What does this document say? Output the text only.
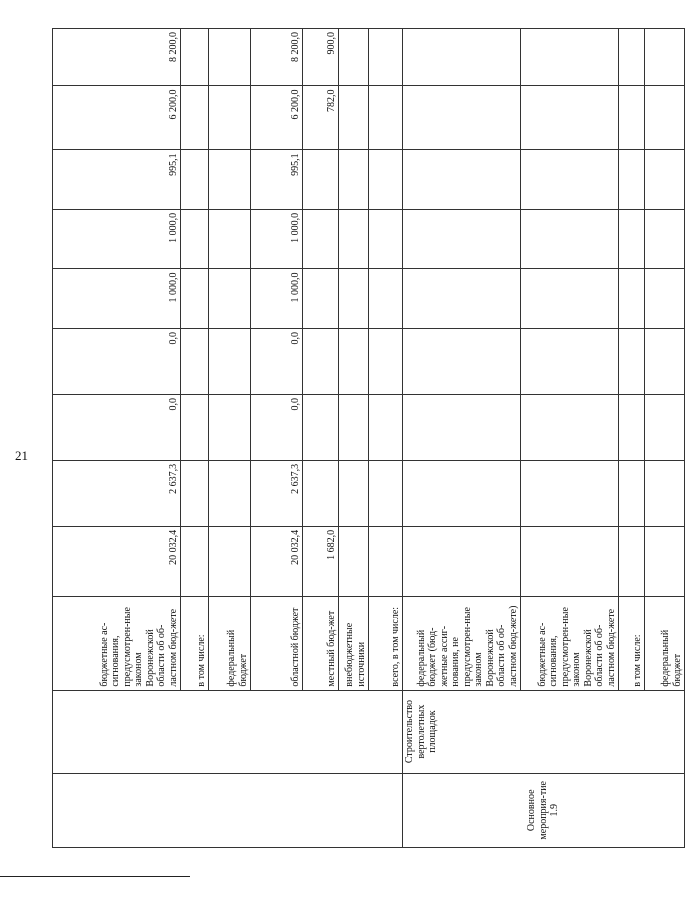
21
		бюджетные ас-сигнования, предусмотрен-ные законом Воронежской области об об-ластном бюд-жете	20 032,4	2 637,3	0,0	0,0	1 000,0	1 000,0	995,1	6 200,0	8 200,0
		в том числе:									
		федеральный бюджет									
		областной бюджет	20 032,4	2 637,3	0,0	0,0	1 000,0	1 000,0	995,1	6 200,0	8 200,0
		местный бюд-жет	1 682,0							782,0	900,0
		внебюджетные источники									
		всего, в том числе:									
Основное мероприя-тие 1.9	Строительство вертолетных площадок	федеральный бюджет (бюд-жетные ассиг-нования, не предусмотрен-ные законом Воронежской области об об-ластном бюд-жете)									
		бюджетные ас-сигнования, предусмотрен-ные законом Воронежской области об об-ластном бюд-жете									
		в том числе:									
		федеральный бюджет									
